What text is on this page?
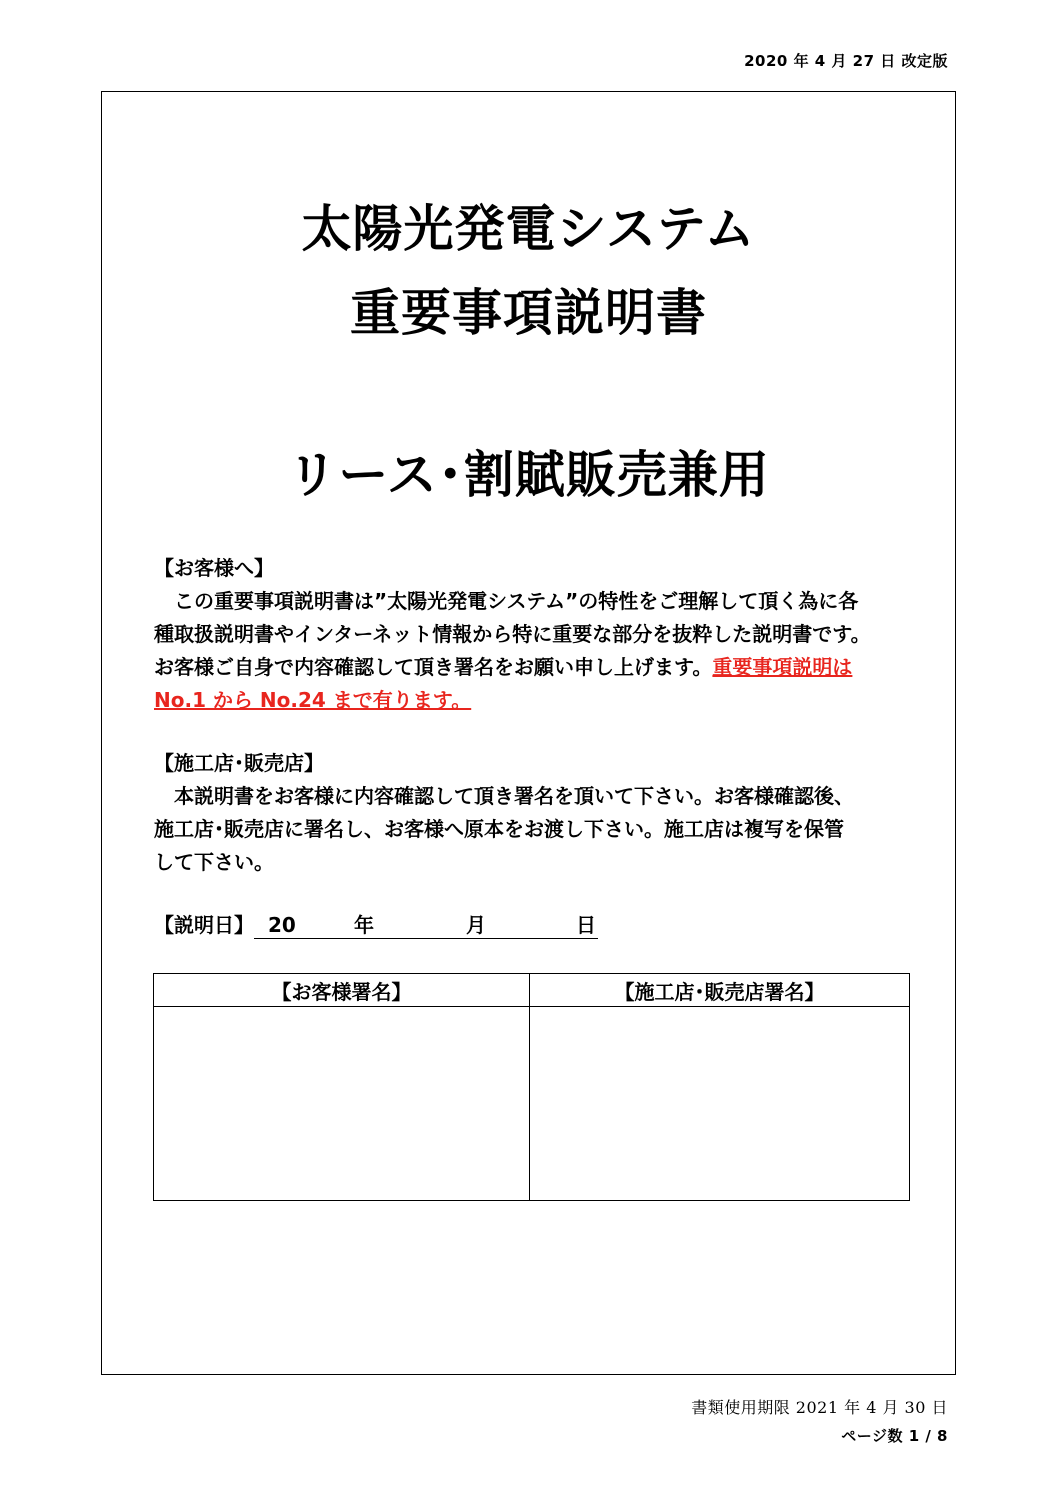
2020 年 4 月 27 日 改定版
太陽光発電システム
重要事項説明書
リース･割賦販売兼用

【お客様へ】

この重要事項説明書は”太陽光発電システム”の特性をご理解して頂く為に各

種取扱説明書やインターネット情報から特に重要な部分を抜粋した説明書です。

お客様ご自身で内容確認して頂き署名をお願い申し上げます。重要事項説明は

No.1 から No.24 まで有ります。

【施工店･販売店】

本説明書をお客様に内容確認して頂き署名を頂いて下さい。お客様確認後、

施工店･販売店に署名し、お客様へ原本をお渡し下さい。施工店は複写を保管

して下さい。

【説明日】 20	年	月	日
【お客様署名】	【施工店･販売店署名】

書類使用期限 2021 年 4 月 30 日
ページ数 1 / 8
